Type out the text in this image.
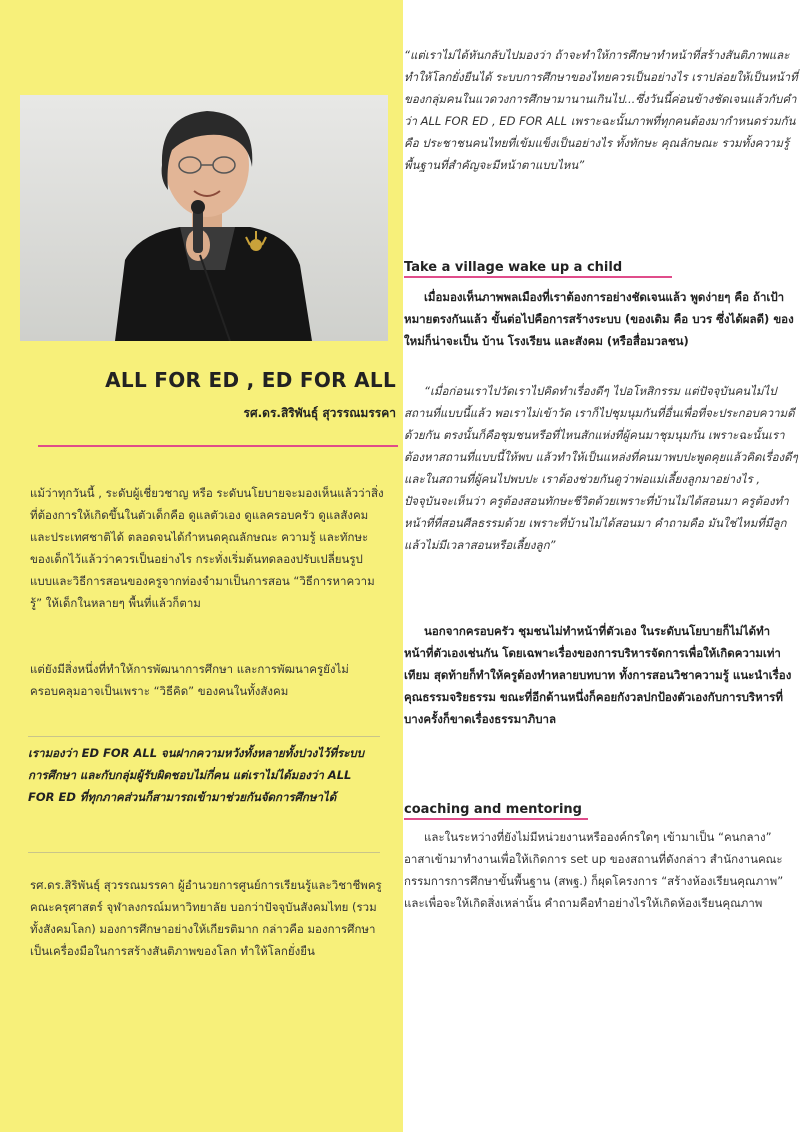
ALL FOR ED , ED FOR ALL
รศ.ดร.สิริพันธุ์ สุวรรณมรรคา

แม้ว่าทุกวันนี้ , ระดับผู้เชี่ยวชาญ หรือ ระดับนโยบายจะมองเห็นแล้วว่าสิ่งที่ต้องการให้เกิดขึ้นในตัวเด็กคือ ดูแลตัวเอง ดูแลครอบครัว ดูแลสังคม และประเทศชาติได้ ตลอดจนได้กำหนดคุณลักษณะ ความรู้ และทักษะของเด็กไว้แล้วว่าควรเป็นอย่างไร กระทั่งเริ่มต้นทดลองปรับเปลี่ยนรูปแบบและวิธีการสอนของครูจากท่องจำมาเป็นการสอน “วิธีการหาความรู้” ให้เด็กในหลายๆ พื้นที่แล้วก็ตาม

แต่ยังมีสิ่งหนึ่งที่ทำให้การพัฒนาการศึกษา และการพัฒนาครูยังไม่ครอบคลุมอาจเป็นเพราะ “วิธีคิด” ของคนในทั้งสังคม

เรามองว่า ED FOR ALL จนฝากความหวังทั้งหลายทั้งปวงไว้ที่ระบบการศึกษา และกับกลุ่มผู้รับผิดชอบไม่กี่คน แต่เราไม่ได้มองว่า ALL FOR ED ที่ทุกภาคส่วนก็สามารถเข้ามาช่วยกันจัดการศึกษาได้

รศ.ดร.สิริพันธุ์ สุวรรณมรรคา ผู้อำนวยการศูนย์การเรียนรู้และวิชาชีพครู คณะครุศาสตร์ จุฬาลงกรณ์มหาวิทยาลัย บอกว่าปัจจุบันสังคมไทย (รวมทั้งสังคมโลก) มองการศึกษาอย่างให้เกียรติมาก กล่าวคือ มองการศึกษาเป็นเครื่องมือในการสร้างสันติภาพของโลก ทำให้โลกยั่งยืน

“แต่เราไม่ได้หันกลับไปมองว่า ถ้าจะทำให้การศึกษาทำหน้าที่สร้างสันติภาพและทำให้โลกยั่งยืนได้ ระบบการศึกษาของไทยควรเป็นอย่างไร เราปล่อยให้เป็นหน้าที่ของกลุ่มคนในแวดวงการศึกษามานานเกินไป...ซึ่งวันนี้ค่อนข้างชัดเจนแล้วกับคำว่า ALL FOR ED , ED FOR ALL เพราะฉะนั้นภาพที่ทุกคนต้องมากำหนดร่วมกันคือ ประชาชนคนไทยที่เข้มแข็งเป็นอย่างไร ทั้งทักษะ คุณลักษณะ รวมทั้งความรู้พื้นฐานที่สำคัญจะมีหน้าตาแบบไหน”

Take a village wake up a child

เมื่อมองเห็นภาพพลเมืองที่เราต้องการอย่างชัดเจนแล้ว พูดง่ายๆ คือ ถ้าเป้าหมายตรงกันแล้ว ขั้นต่อไปคือการสร้างระบบ (ของเดิม คือ บวร ซึ่งได้ผลดี) ของใหม่ก็น่าจะเป็น บ้าน โรงเรียน และสังคม (หรือสื่อมวลชน)

“เมื่อก่อนเราไปวัดเราไปคิดทำเรื่องดีๆ ไปอโหสิกรรม แต่ปัจจุบันคนไม่ไปสถานที่แบบนี้แล้ว พอเราไม่เข้าวัด เราก็ไปชุมนุมกันที่อื่นเพื่อที่จะประกอบความดีด้วยกัน ตรงนั้นก็คือชุมชนหรือที่ไหนสักแห่งที่ผู้คนมาชุมนุมกัน เพราะฉะนั้นเราต้องหาสถานที่แบบนี้ให้พบ แล้วทำให้เป็นแหล่งที่คนมาพบปะพูดคุยแล้วคิดเรื่องดีๆ และในสถานที่ผู้คนไปพบปะ เราต้องช่วยกันดูว่าพ่อแม่เลี้ยงลูกมาอย่างไร , ปัจจุบันจะเห็นว่า ครูต้องสอนทักษะชีวิตด้วยเพราะที่บ้านไม่ได้สอนมา ครูต้องทำหน้าที่ที่สอนศีลธรรมด้วย เพราะที่บ้านไม่ได้สอนมา คำถามคือ มันใช่ไหมที่มีลูกแล้วไม่มีเวลาสอนหรือเลี้ยงลูก”

นอกจากครอบครัว ชุมชนไม่ทำหน้าที่ตัวเอง ในระดับนโยบายก็ไม่ได้ทำหน้าที่ตัวเองเช่นกัน โดยเฉพาะเรื่องของการบริหารจัดการเพื่อให้เกิดความเท่าเทียม สุดท้ายก็ทำให้ครูต้องทำหลายบทบาท ทั้งการสอนวิชาความรู้ แนะนำเรื่องคุณธรรมจริยธรรม ขณะที่อีกด้านหนึ่งก็คอยกังวลปกป้องตัวเองกับการบริหารที่บางครั้งก็ขาดเรื่องธรรมาภิบาล

coaching and mentoring

และในระหว่างที่ยังไม่มีหน่วยงานหรือองค์กรใดๆ เข้ามาเป็น “คนกลาง” อาสาเข้ามาทำงานเพื่อให้เกิดการ set up ของสถานที่ดังกล่าว สำนักงานคณะกรรมการการศึกษาขั้นพื้นฐาน (สพฐ.) ก็ผุดโครงการ “สร้างห้องเรียนคุณภาพ” และเพื่อจะให้เกิดสิ่งเหล่านั้น คำถามคือทำอย่างไรให้เกิดห้องเรียนคุณภาพ
